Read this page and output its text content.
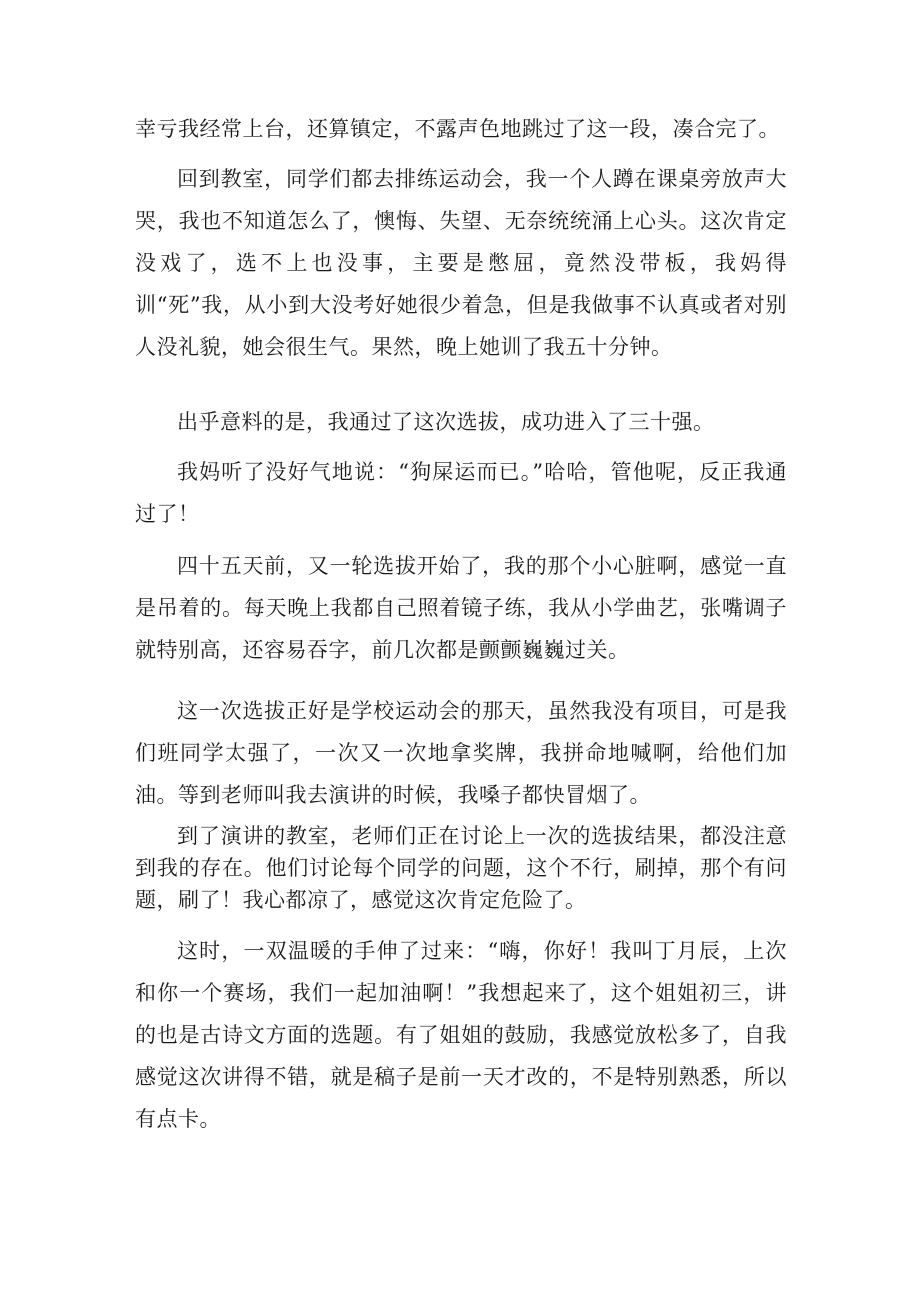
幸亏我经常上台，还算镇定，不露声色地跳过了这一段，凑合完了。

回到教室，同学们都去排练运动会，我一个人蹲在课桌旁放声大哭，我也不知道怎么了，懊悔、失望、无奈统统涌上心头。这次肯定没戏了，选不上也没事，主要是憋屈，竟然没带板，我妈得训“死”我，从小到大没考好她很少着急，但是我做事不认真或者对别人没礼貌，她会很生气。果然，晚上她训了我五十分钟。

出乎意料的是，我通过了这次选拔，成功进入了三十强。

我妈听了没好气地说：“狗屎运而已。”哈哈，管他呢，反正我通过了！

四十五天前，又一轮选拔开始了，我的那个小心脏啊，感觉一直是吊着的。每天晚上我都自己照着镜子练，我从小学曲艺，张嘴调子就特别高，还容易吞字，前几次都是颤颤巍巍过关。

这一次选拔正好是学校运动会的那天，虽然我没有项目，可是我们班同学太强了，一次又一次地拿奖牌，我拼命地喊啊，给他们加油。等到老师叫我去演讲的时候，我嗓子都快冒烟了。

到了演讲的教室，老师们正在讨论上一次的选拔结果，都没注意到我的存在。他们讨论每个同学的问题，这个不行，刷掉，那个有问题，刷了！我心都凉了，感觉这次肯定危险了。

这时，一双温暖的手伸了过来：“嗨，你好！我叫丁月辰，上次和你一个赛场，我们一起加油啊！”我想起来了，这个姐姐初三，讲的也是古诗文方面的选题。有了姐姐的鼓励，我感觉放松多了，自我感觉这次讲得不错，就是稿子是前一天才改的，不是特别熟悉，所以有点卡。
